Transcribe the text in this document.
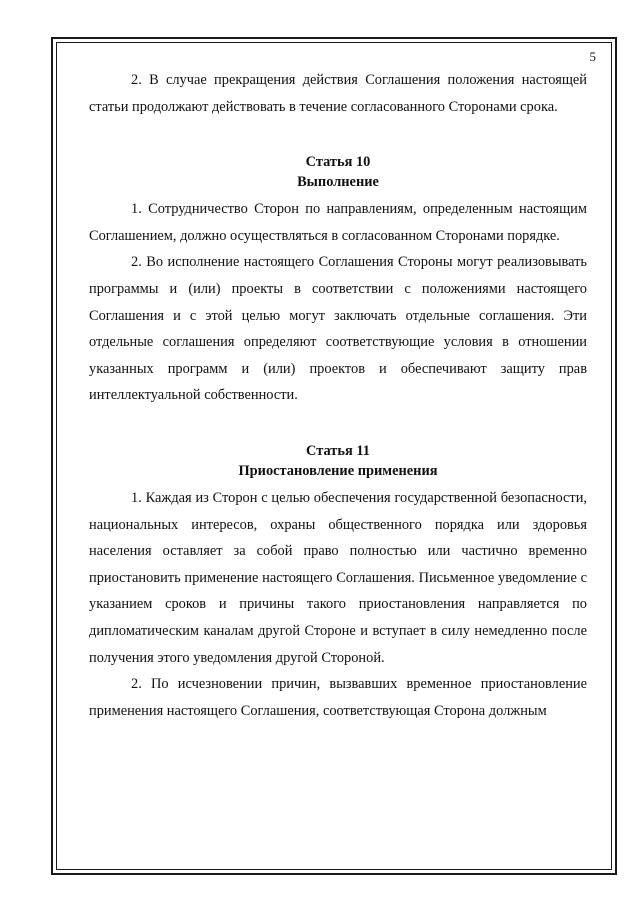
5

2. В случае прекращения действия Соглашения положения настоящей статьи продолжают действовать в течение согласованного Сторонами срока.

Статья 10

Выполнение

1. Сотрудничество Сторон по направлениям, определенным настоящим Соглашением, должно осуществляться в согласованном Сторонами порядке.

2. Во исполнение настоящего Соглашения Стороны могут реализовывать программы и (или) проекты в соответствии с положениями настоящего Соглашения и с этой целью могут заключать отдельные соглашения. Эти отдельные соглашения определяют соответствующие условия в отношении указанных программ и (или) проектов и обеспечивают защиту прав интеллектуальной собственности.

Статья 11

Приостановление применения

1. Каждая из Сторон с целью обеспечения государственной безопасности, национальных интересов, охраны общественного порядка или здоровья населения оставляет за собой право полностью или частично временно приостановить применение настоящего Соглашения. Письменное уведомление с указанием сроков и причины такого приостановления направляется по дипломатическим каналам другой Стороне и вступает в силу немедленно после получения этого уведомления другой Стороной.

2. По исчезновении причин, вызвавших временное приостановление применения настоящего Соглашения, соответствующая Сторона должным
